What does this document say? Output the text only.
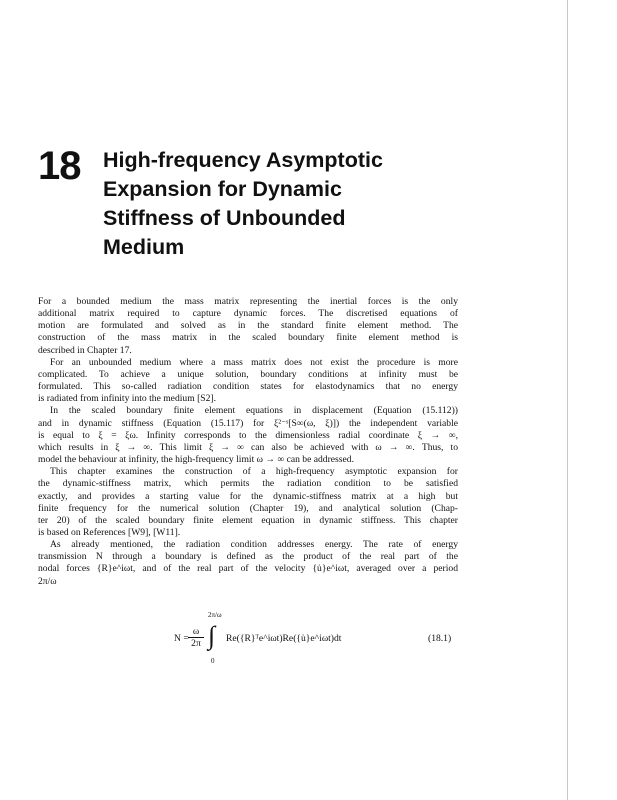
18 High-frequency Asymptotic
Expansion for Dynamic
Stiffness of Unbounded
Medium

For a bounded medium the mass matrix representing the inertial forces is the only

additional matrix required to capture dynamic forces. The discretised equations of

motion are formulated and solved as in the standard finite element method. The

construction of the mass matrix in the scaled boundary finite element method is

described in Chapter 17.

For an unbounded medium where a mass matrix does not exist the procedure is more

complicated. To achieve a unique solution, boundary conditions at infinity must be

formulated. This so-called radiation condition states for elastodynamics that no energy

is radiated from infinity into the medium [S2].

In the scaled boundary finite element equations in displacement (Equation (15.112))

and in dynamic stiffness (Equation (15.117) for ξ²⁻ˢ[S∞(ω, ξ)]) the independent variable

is equal to ξ = ξω. Infinity corresponds to the dimensionless radial coordinate ξ → ∞,

which results in ξ → ∞. This limit ξ → ∞ can also be achieved with ω → ∞. Thus, to

model the behaviour at infinity, the high-frequency limit ω → ∞ can be addressed.

This chapter examines the construction of a high-frequency asymptotic expansion for

the dynamic-stiffness matrix, which permits the radiation condition to be satisfied

exactly, and provides a starting value for the dynamic-stiffness matrix at a high but

finite frequency for the numerical solution (Chapter 19), and analytical solution (Chap-

ter 20) of the scaled boundary finite element equation in dynamic stiffness. This chapter

is based on References [W9], [W11].

As already mentioned, the radiation condition addresses energy. The rate of energy

transmission N through a boundary is defined as the product of the real part of the

nodal forces {R}e^iωt, and of the real part of the velocity {u̇}e^iωt, averaged over a period

2π/ω

$N = \frac{\omega}{2\pi}$
2π/ω
∫
0
Re({R}ᵀe^iωt)Re({u̇}e^iωt)dt	(18.1)
